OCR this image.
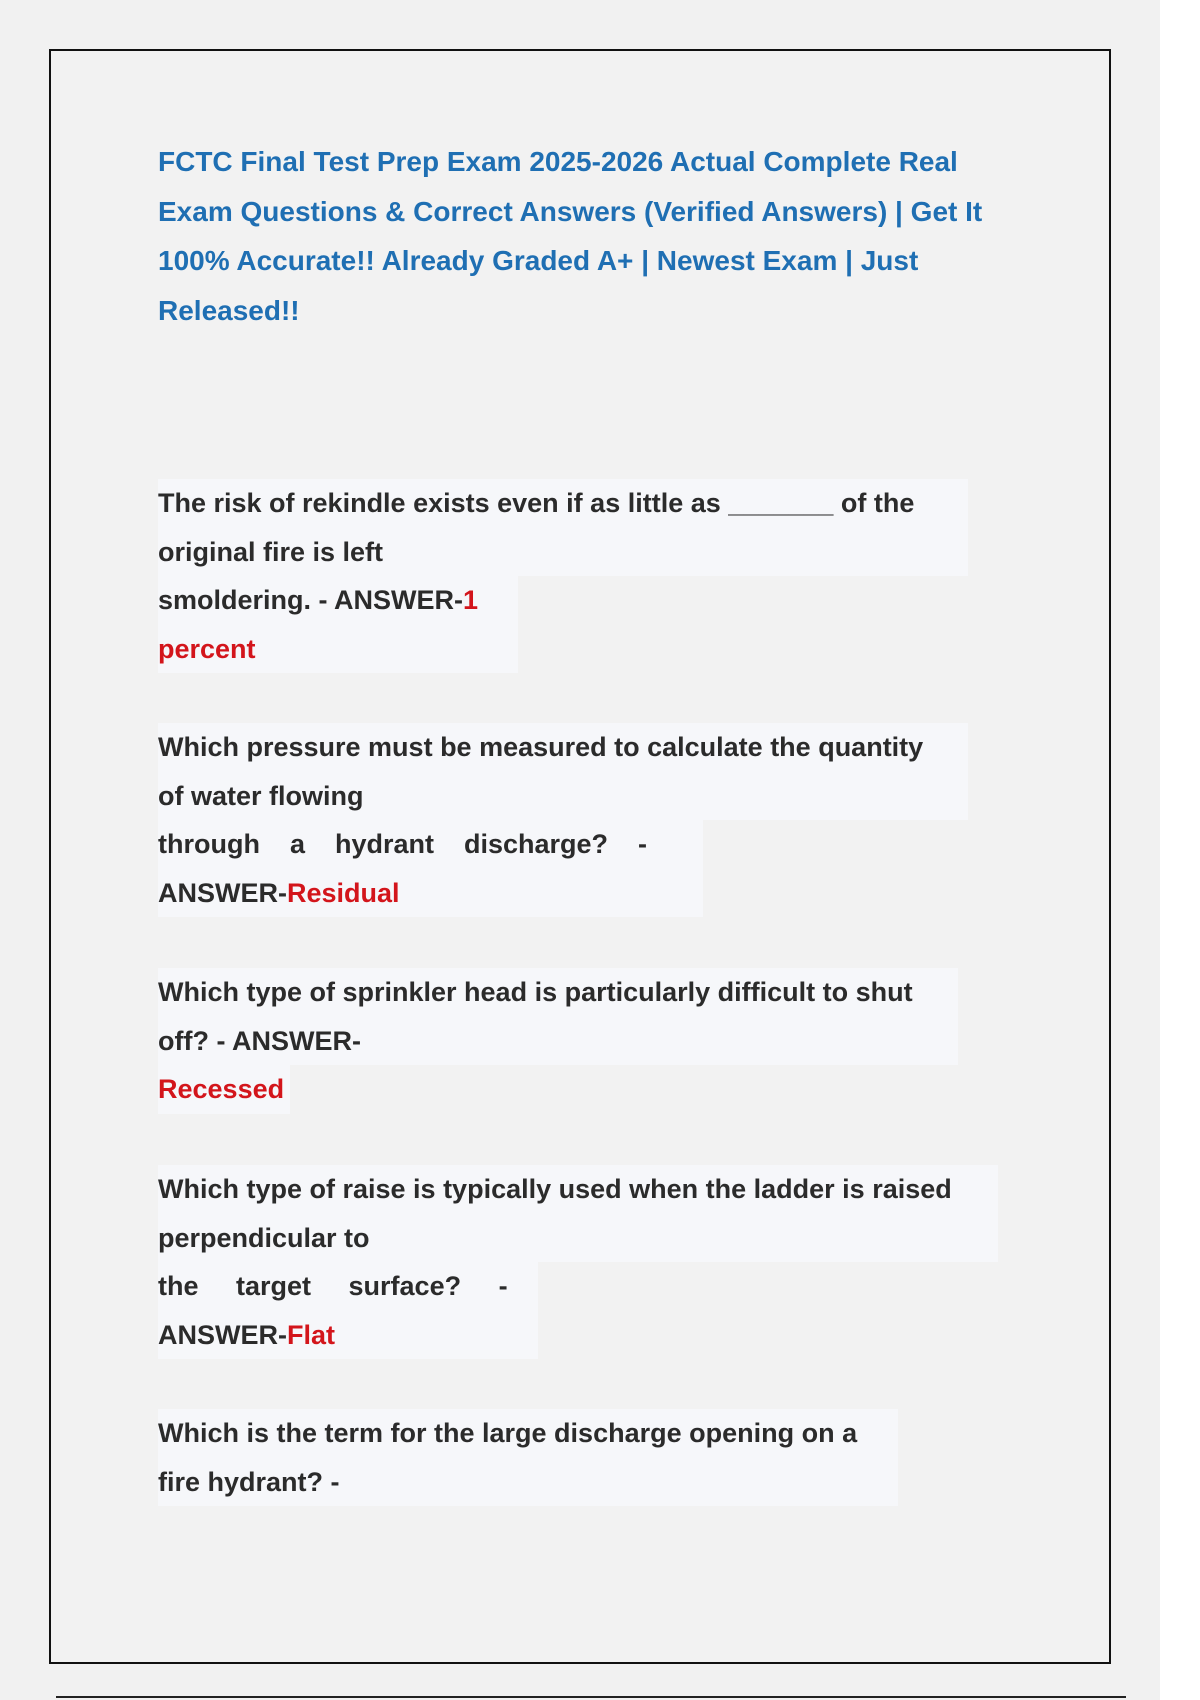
FCTC Final Test Prep Exam 2025-2026 Actual Complete Real
Exam Questions & Correct Answers (Verified Answers) | Get It
100% Accurate!! Already Graded A+ | Newest Exam | Just
Released!!
The risk of rekindle exists even if as little as _______ of the
original fire is left
smoldering. - ANSWER-1
percent
Which pressure must be measured to calculate the quantity
of water flowing
through    a    hydrant    discharge?    -
ANSWER-Residual
Which type of sprinkler head is particularly difficult to shut
off? - ANSWER-
Recessed
Which type of raise is typically used when the ladder is raised
perpendicular to
the     target     surface?     -
ANSWER-Flat
Which is the term for the large discharge opening on a
fire hydrant? -
